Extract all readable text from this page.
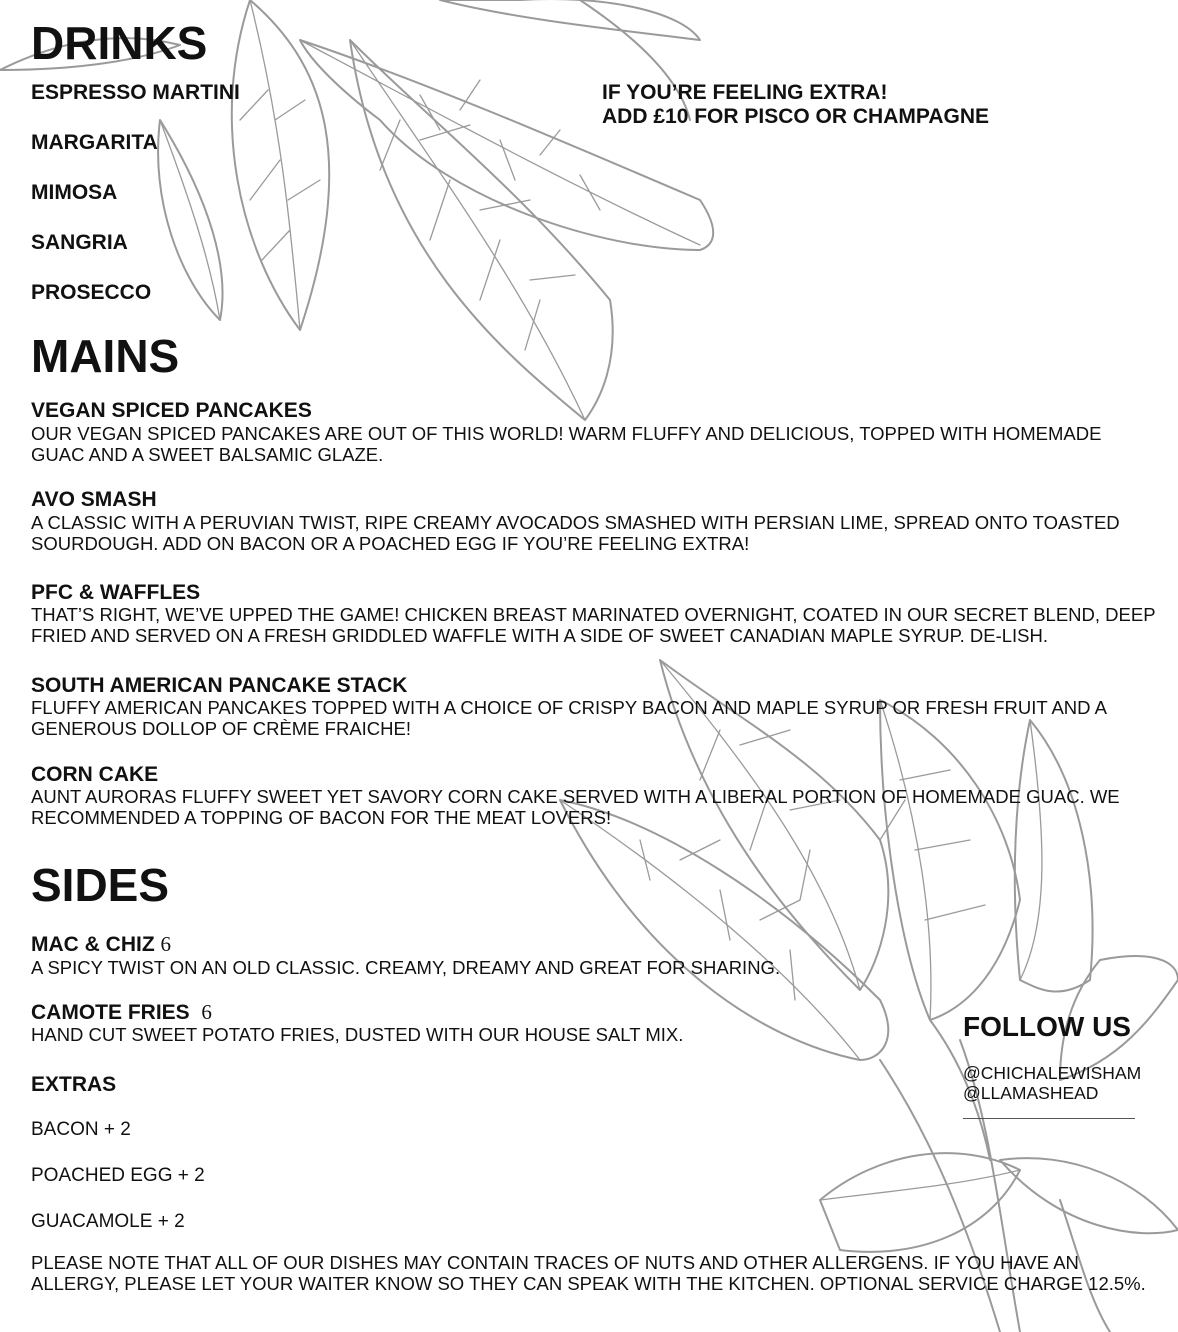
DRINKS
ESPRESSO MARTINI
MARGARITA
MIMOSA
SANGRIA
PROSECCO
IF YOU’RE FEELING EXTRA!
ADD £10 FOR PISCO OR CHAMPAGNE
MAINS
VEGAN SPICED PANCAKES
OUR VEGAN SPICED PANCAKES ARE OUT OF THIS WORLD! WARM FLUFFY AND DELICIOUS, TOPPED WITH HOMEMADE GUAC AND A SWEET BALSAMIC GLAZE.
AVO SMASH
A CLASSIC WITH A PERUVIAN TWIST, RIPE CREAMY AVOCADOS SMASHED WITH PERSIAN LIME, SPREAD ONTO TOASTED SOURDOUGH. ADD ON BACON OR A POACHED EGG IF YOU’RE FEELING EXTRA!
PFC & WAFFLES
THAT’S RIGHT, WE’VE UPPED THE GAME! CHICKEN BREAST MARINATED OVERNIGHT, COATED IN OUR SECRET BLEND, DEEP FRIED AND SERVED ON A FRESH GRIDDLED WAFFLE WITH A SIDE OF SWEET CANADIAN MAPLE SYRUP. DE-LISH.
SOUTH AMERICAN PANCAKE STACK
FLUFFY AMERICAN PANCAKES TOPPED WITH A CHOICE OF CRISPY BACON AND MAPLE SYRUP OR FRESH FRUIT AND A GENEROUS DOLLOP OF CRÈME FRAICHE!
CORN CAKE
AUNT AURORAS FLUFFY SWEET YET SAVORY CORN CAKE SERVED WITH A LIBERAL PORTION OF HOMEMADE GUAC. WE RECOMMENDED A TOPPING OF BACON FOR THE MEAT LOVERS!
SIDES
MAC & CHIZ 6
A SPICY TWIST ON AN OLD CLASSIC. CREAMY, DREAMY AND GREAT FOR SHARING.
CAMOTE FRIES 6
HAND CUT SWEET POTATO FRIES, DUSTED WITH OUR HOUSE SALT MIX.
EXTRAS
BACON + 2
POACHED EGG + 2
GUACAMOLE + 2
FOLLOW US
@CHICHALEWISHAM
@LLAMASHEAD
PLEASE NOTE THAT ALL OF OUR DISHES MAY CONTAIN TRACES OF NUTS AND OTHER ALLERGENS. IF YOU HAVE AN ALLERGY, PLEASE LET YOUR WAITER KNOW SO THEY CAN SPEAK WITH THE KITCHEN. OPTIONAL SERVICE CHARGE 12.5%.
